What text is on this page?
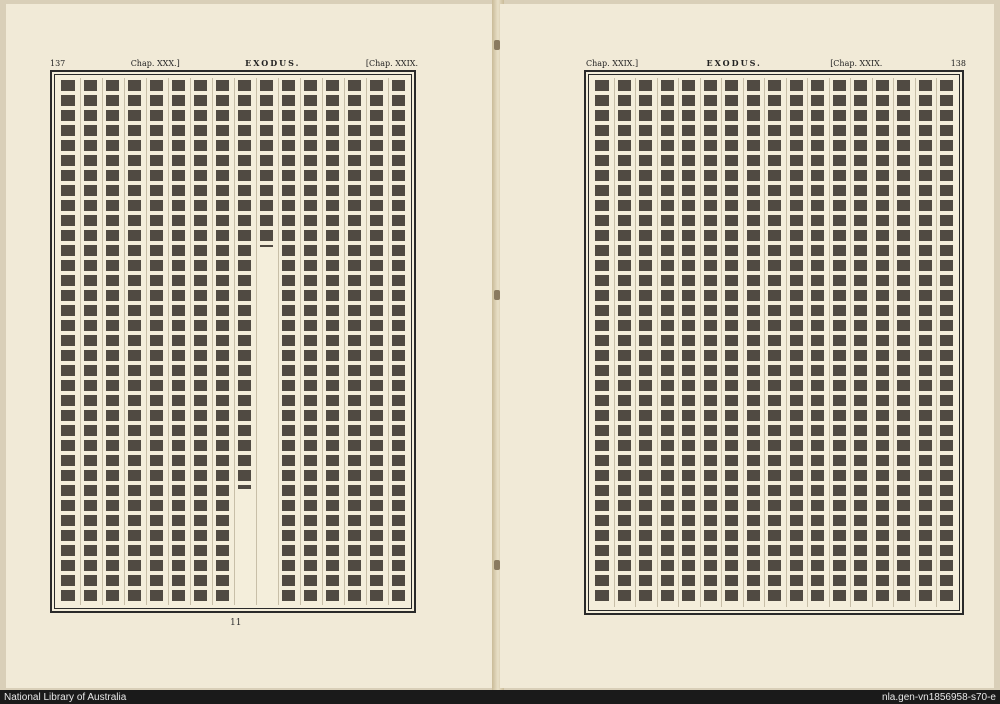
137	Chap. XXX.]	EXODUS.	[Chap. XXIX.
11
Chap. XXIX.]	EXODUS.	[Chap. XXIX.	138
National Library of Australia	nla.gen-vn1856958-s70-e
